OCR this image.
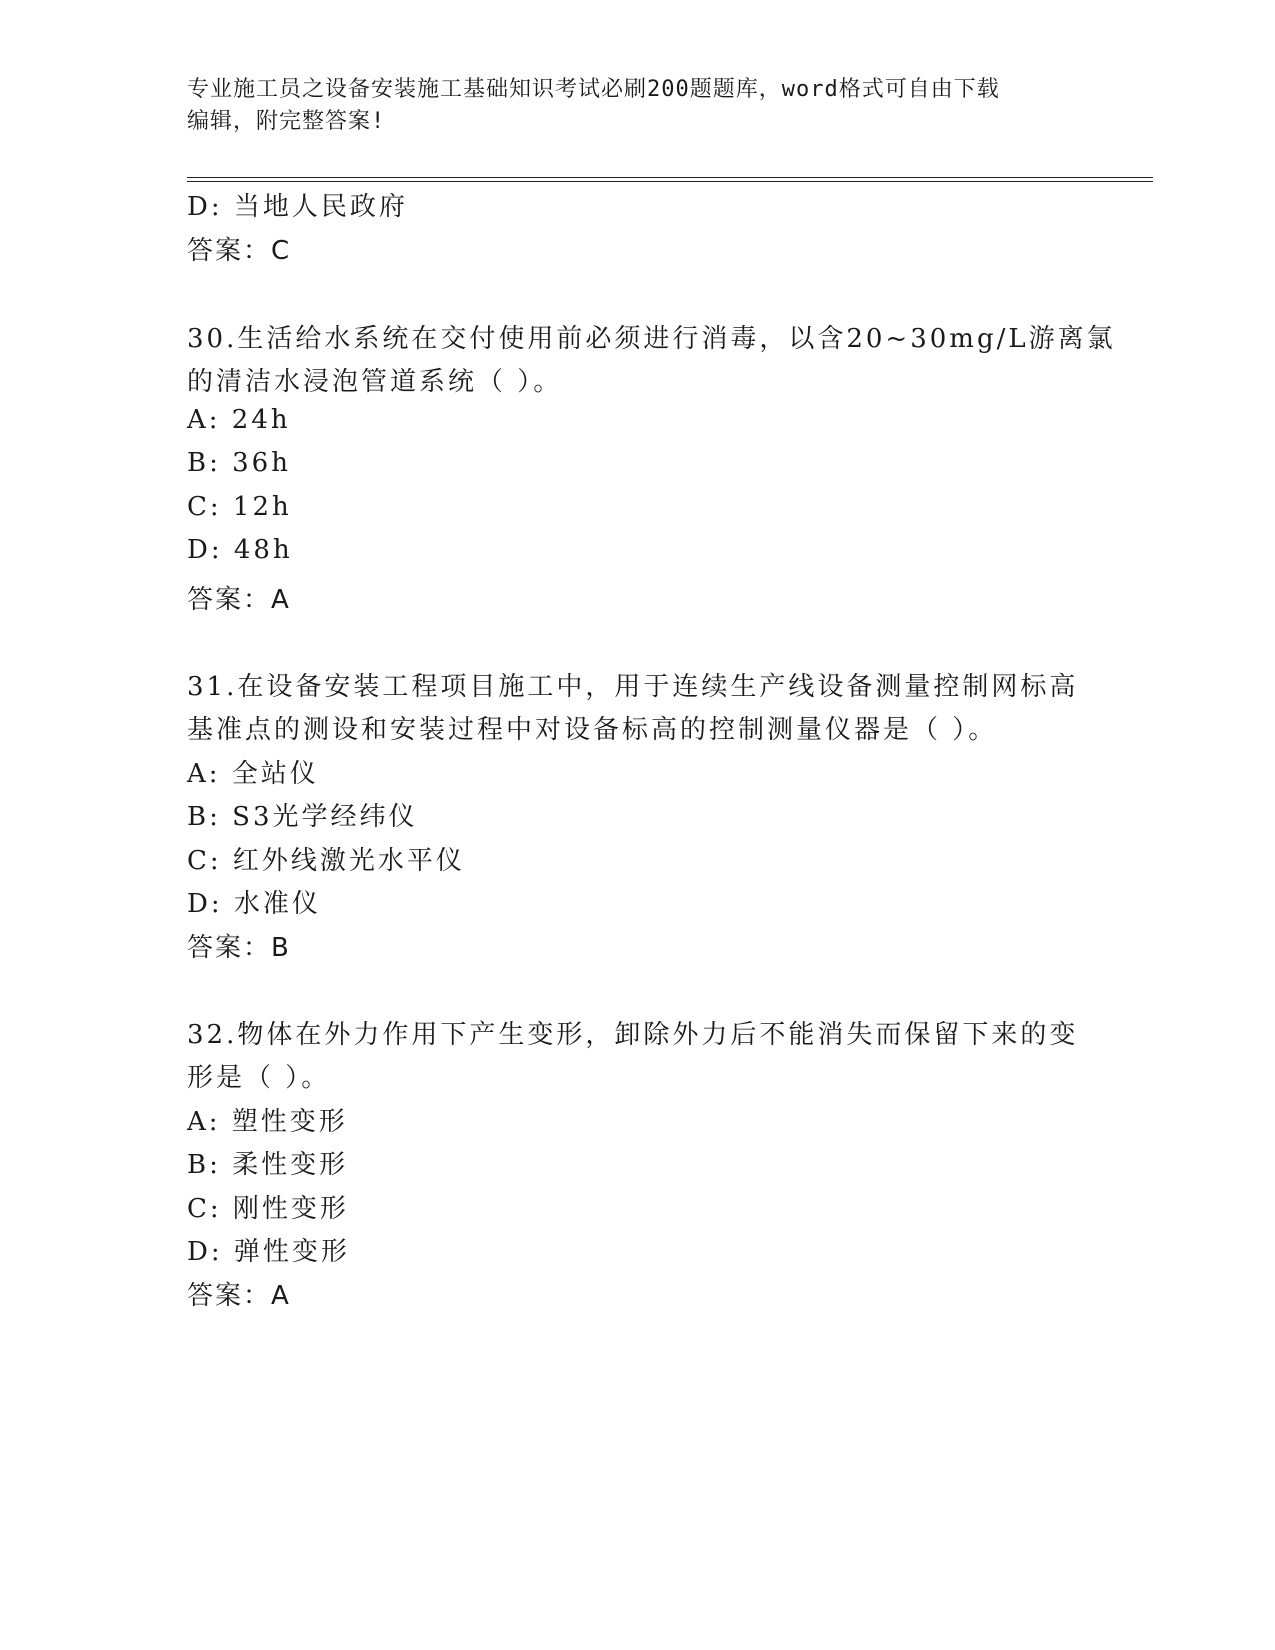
专业施工员之设备安装施工基础知识考试必刷200题题库，word格式可自由下载
编辑，附完整答案!
D: 当地人民政府
答案：C
30.生活给水系统在交付使用前必须进行消毒，以含20~30mg/L游离氯
的清洁水浸泡管道系统（ ）。
A: 24h
B: 36h
C: 12h
D: 48h
答案：A
31.在设备安装工程项目施工中，用于连续生产线设备测量控制网标高
基准点的测设和安装过程中对设备标高的控制测量仪器是（ ）。
A: 全站仪
B: S3光学经纬仪
C: 红外线激光水平仪
D: 水准仪
答案：B
32.物体在外力作用下产生变形，卸除外力后不能消失而保留下来的变
形是（ ）。
A: 塑性变形
B: 柔性变形
C: 刚性变形
D: 弹性变形
答案：A
